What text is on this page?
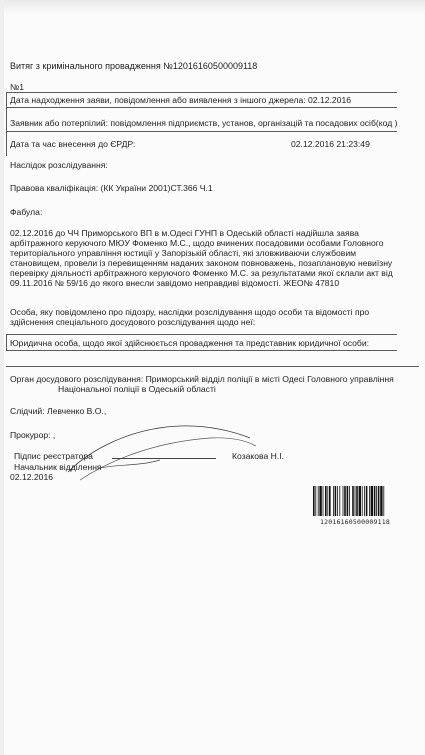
Витяг з кримінального провадження №12016160500009118
№1
Дата надходження заяви, повідомлення або виявлення з іншого джерела: 02.12.2016
Заявник або потерпілий: повідомлення підприємств, установ, організацій та посадових осіб(код )
Дата та час внесення до ЄРДР:	02.12.2016 21:23:49
Наслідок розслідування:
Правова кваліфікація: (КК України 2001)СТ.366 Ч.1
Фабула:
02.12.2016 до ЧЧ Приморського ВП в м.Одесі ГУНП в Одеській області надійшла заява
арбітражного керуючого МЮУ Фоменко М.С., щодо вчинених посадовими особами Головного
територіального управління юстиції у Запорізькій області, які зловживаючи службовим
становищем, провели із перевищенням наданих законом повноважень, позаплановую невиїзну
перевірку діяльності арбітражного керуючого Фоменко М.С. за результатами якої склали акт від
09.11.2016 № 59/16 до якого внесли завідомо неправдиві відомості. ЖЕО№ 47810
Особа, яку повідомлено про підозру, наслідки розслідування щодо особи та відомості про
здійснення спеціального досудового розслідування щодо неї:
Юридична особа, щодо якої здійснюється провадження та представник юридичної особи:
Орган досудового розслідування: Приморський відділ поліції в місті Одесі Головного управління
Національної поліції в Одеській області
Слідчий: Левченко В.О.,
Прокурор: ,
Підпис реєстратора	Козакова Н.І.
Начальник відділення
02.12.2016
12016160500009118
